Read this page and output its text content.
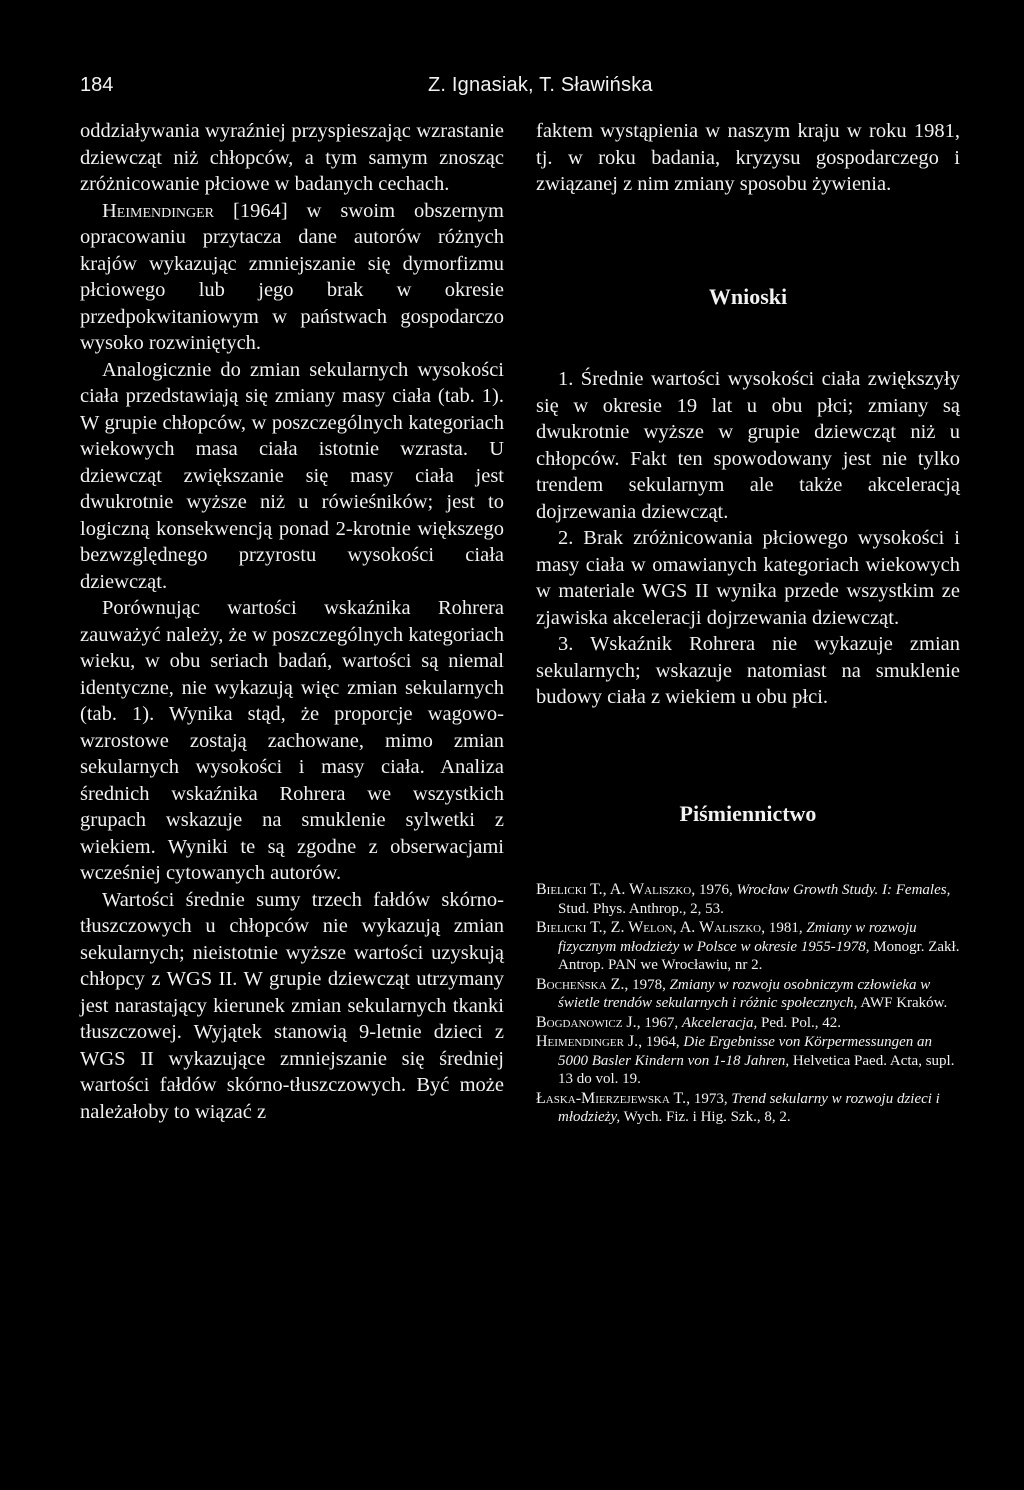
184	Z. Ignasiak, T. Sławińska

oddziaływania wyraźniej przyspieszając wzrastanie dziewcząt niż chłopców, a tym samym znosząc zróżnicowanie płciowe w badanych cechach.

Heimendinger [1964] w swoim obszernym opracowaniu przytacza dane autorów różnych krajów wykazując zmniejszanie się dymorfizmu płciowego lub jego brak w okresie przedpokwitaniowym w państwach gospodarczo wysoko rozwiniętych.

Analogicznie do zmian sekularnych wysokości ciała przedstawiają się zmiany masy ciała (tab. 1). W grupie chłopców, w poszczególnych kategoriach wiekowych masa ciała istotnie wzrasta. U dziewcząt zwiększanie się masy ciała jest dwukrotnie wyższe niż u rówieśników; jest to logiczną konsekwencją ponad 2-krotnie większego bezwzględnego przyrostu wysokości ciała dziewcząt.

Porównując wartości wskaźnika Rohrera zauważyć należy, że w poszczególnych kategoriach wieku, w obu seriach badań, wartości są niemal identyczne, nie wykazują więc zmian sekularnych (tab. 1). Wynika stąd, że proporcje wagowo-wzrostowe zostają zachowane, mimo zmian sekularnych wysokości i masy ciała. Analiza średnich wskaźnika Rohrera we wszystkich grupach wskazuje na smuklenie sylwetki z wiekiem. Wyniki te są zgodne z obserwacjami wcześniej cytowanych autorów.

Wartości średnie sumy trzech fałdów skórno-tłuszczowych u chłopców nie wykazują zmian sekularnych; nieistotnie wyższe wartości uzyskują chłopcy z WGS II. W grupie dziewcząt utrzymany jest narastający kierunek zmian sekularnych tkanki tłuszczowej. Wyjątek stanowią 9-letnie dzieci z WGS II wykazujące zmniejszanie się średniej wartości fałdów skórno-tłuszczowych. Być może należałoby to wiązać z

faktem wystąpienia w naszym kraju w roku 1981, tj. w roku badania, kryzysu gospodarczego i związanej z nim zmiany sposobu żywienia.

Wnioski

1. Średnie wartości wysokości ciała zwiększyły się w okresie 19 lat u obu płci; zmiany są dwukrotnie wyższe w grupie dziewcząt niż u chłopców. Fakt ten spowodowany jest nie tylko trendem sekularnym ale także akceleracją dojrzewania dziewcząt.

2. Brak zróżnicowania płciowego wysokości i masy ciała w omawianych kategoriach wiekowych w materiale WGS II wynika przede wszystkim ze zjawiska akceleracji dojrzewania dziewcząt.

3. Wskaźnik Rohrera nie wykazuje zmian sekularnych; wskazuje natomiast na smuklenie budowy ciała z wiekiem u obu płci.

Piśmiennictwo

Bielicki T., A. Waliszko, 1976, Wrocław Growth Study. I: Females, Stud. Phys. Anthrop., 2, 53.

Bielicki T., Z. Welon, A. Waliszko, 1981, Zmiany w rozwoju fizycznym młodzieży w Polsce w okresie 1955-1978, Monogr. Zakł. Antrop. PAN we Wrocławiu, nr 2.

Bocheńska Z., 1978, Zmiany w rozwoju osobniczym człowieka w świetle trendów sekularnych i różnic społecznych, AWF Kraków.

Bogdanowicz J., 1967, Akceleracja, Ped. Pol., 42.

Heimendinger J., 1964, Die Ergebnisse von Körpermessungen an 5000 Basler Kindern von 1-18 Jahren, Helvetica Paed. Acta, supl. 13 do vol. 19.

Łaska-Mierzejewska T., 1973, Trend sekularny w rozwoju dzieci i młodzieży, Wych. Fiz. i Hig. Szk., 8, 2.
